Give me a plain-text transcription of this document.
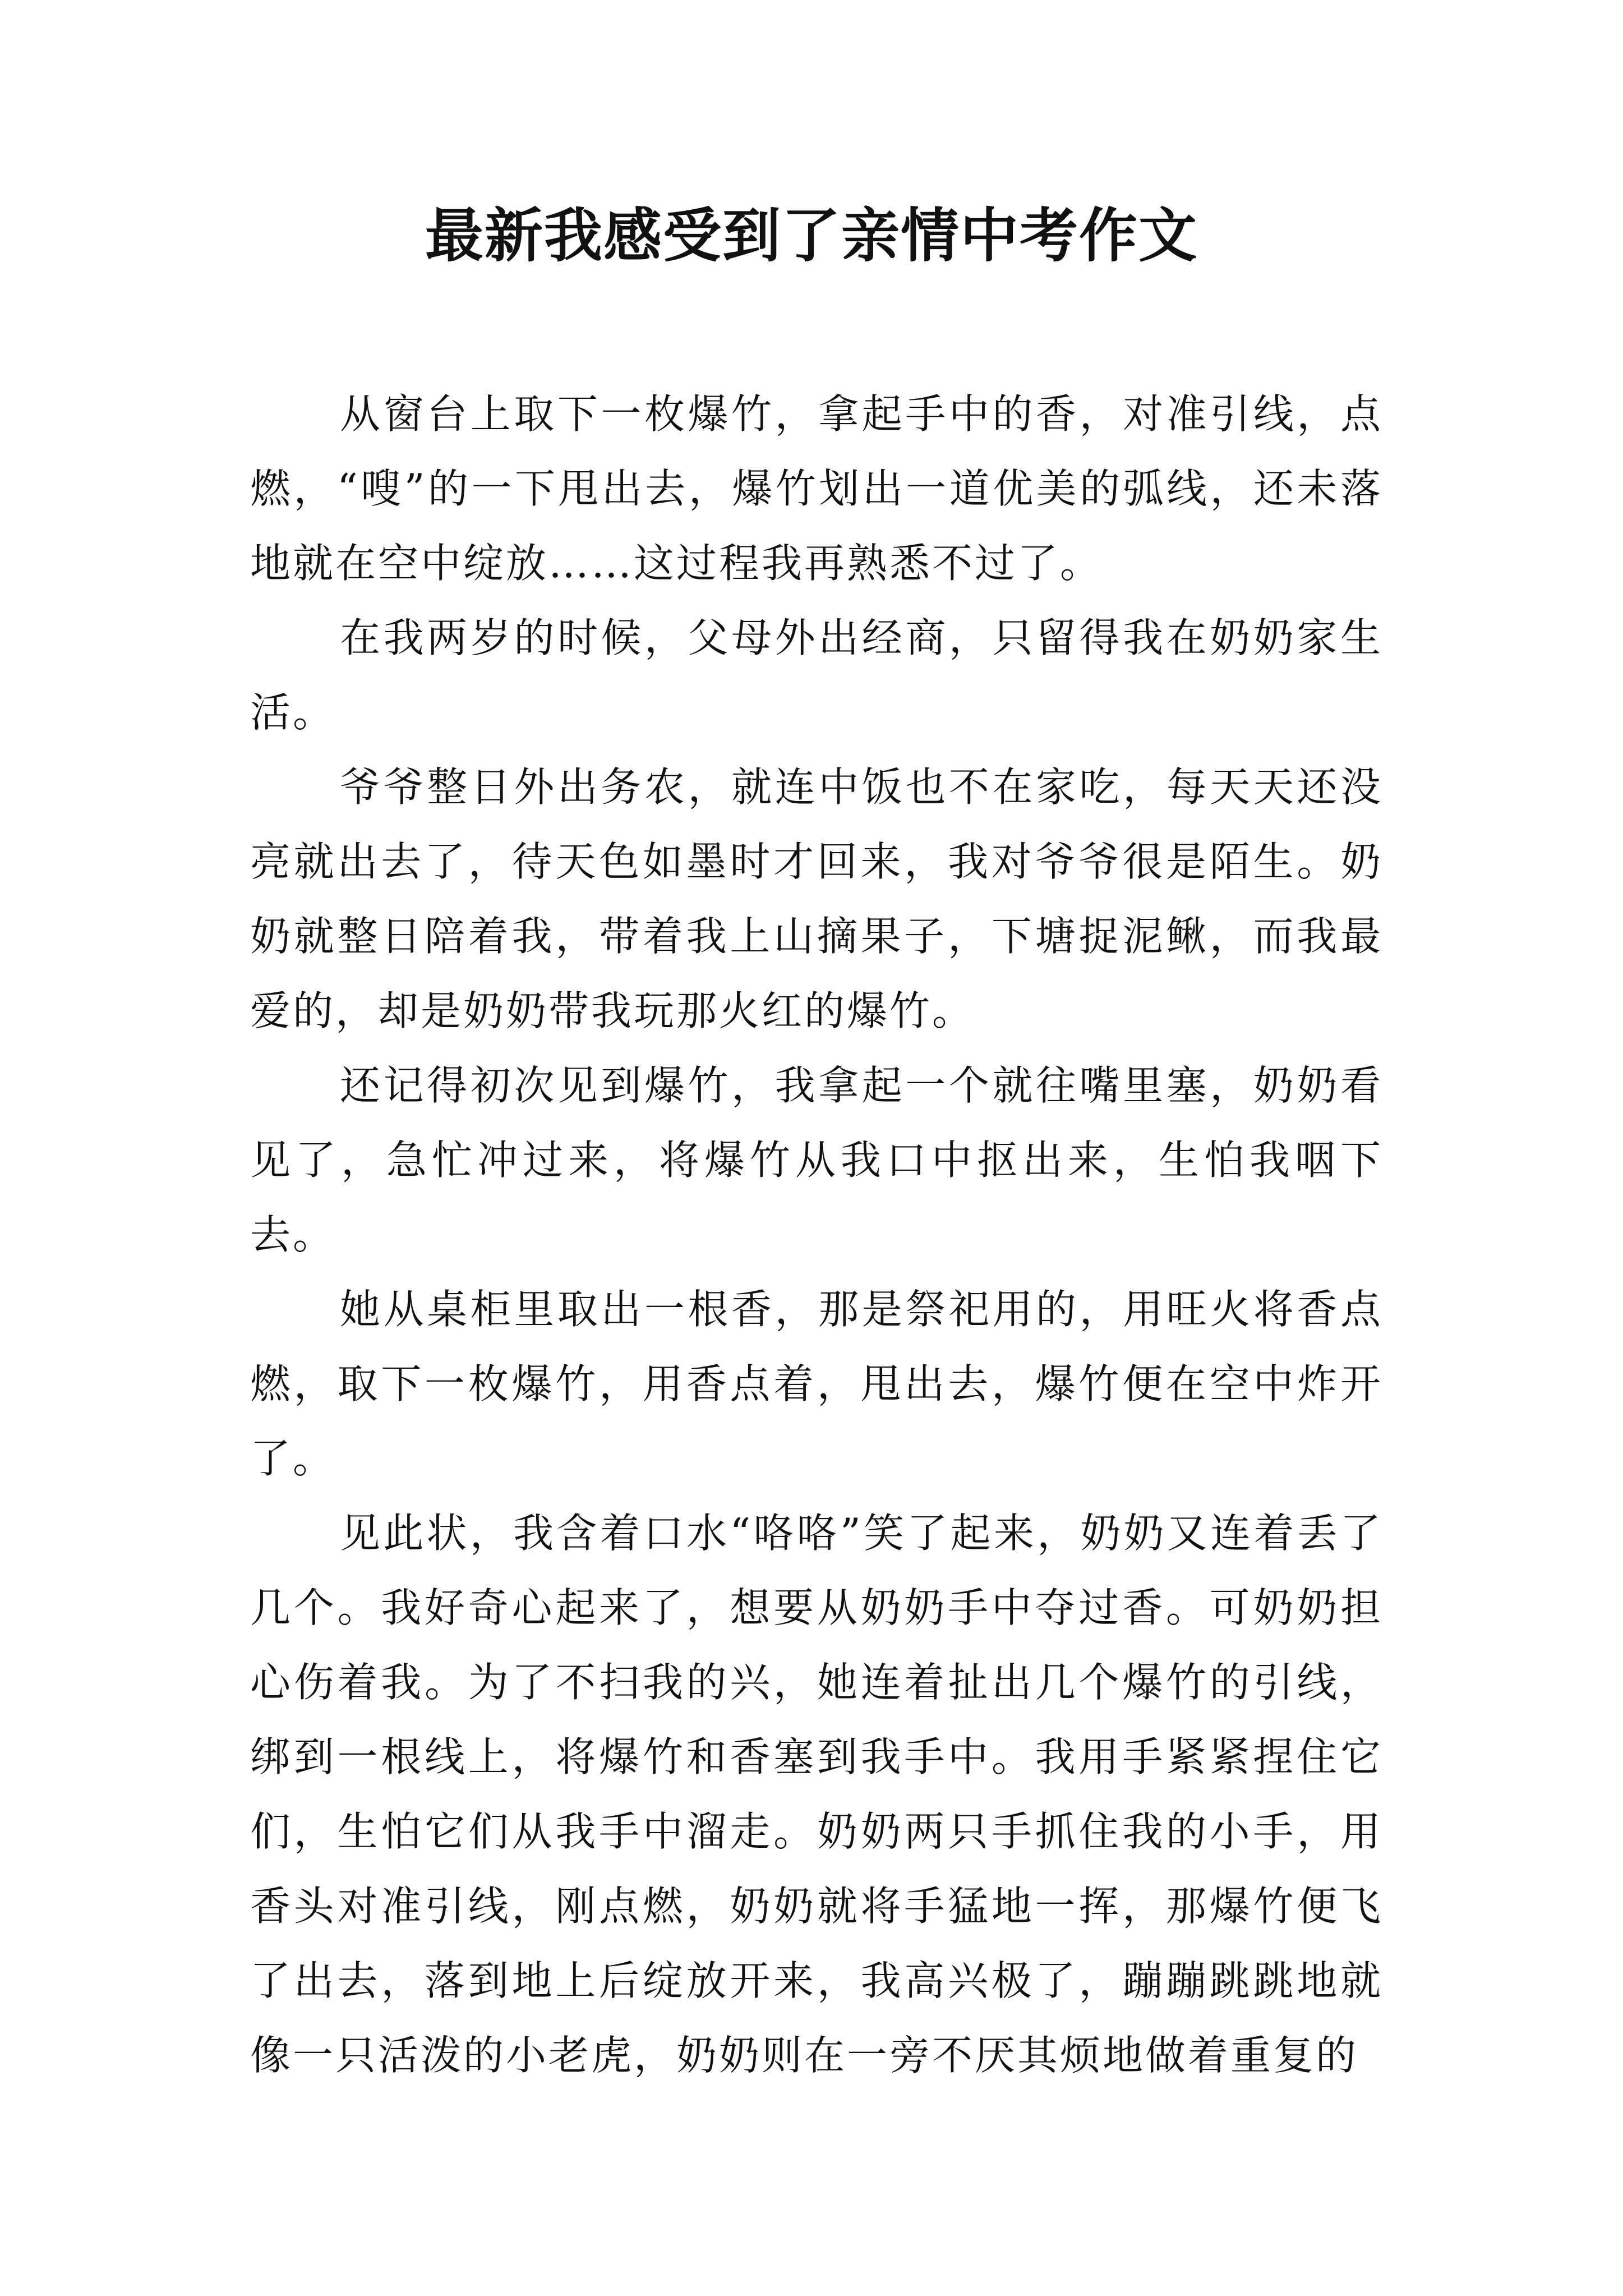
最新我感受到了亲情中考作文

从窗台上取下一枚爆竹，拿起手中的香，对准引线，点燃，“嗖”的一下甩出去，爆竹划出一道优美的弧线，还未落地就在空中绽放……这过程我再熟悉不过了。

在我两岁的时候，父母外出经商，只留得我在奶奶家生活。

爷爷整日外出务农，就连中饭也不在家吃，每天天还没亮就出去了，待天色如墨时才回来，我对爷爷很是陌生。奶奶就整日陪着我，带着我上山摘果子，下塘捉泥鳅，而我最爱的，却是奶奶带我玩那火红的爆竹。

还记得初次见到爆竹，我拿起一个就往嘴里塞，奶奶看见了，急忙冲过来，将爆竹从我口中抠出来，生怕我咽下去。

她从桌柜里取出一根香，那是祭祀用的，用旺火将香点燃，取下一枚爆竹，用香点着，甩出去，爆竹便在空中炸开了。

见此状，我含着口水“咯咯”笑了起来，奶奶又连着丢了几个。我好奇心起来了，想要从奶奶手中夺过香。可奶奶担心伤着我。为了不扫我的兴，她连着扯出几个爆竹的引线，绑到一根线上，将爆竹和香塞到我手中。我用手紧紧捏住它们，生怕它们从我手中溜走。奶奶两只手抓住我的小手，用香头对准引线，刚点燃，奶奶就将手猛地一挥，那爆竹便飞了出去，落到地上后绽放开来，我高兴极了，蹦蹦跳跳地就像一只活泼的小老虎，奶奶则在一旁不厌其烦地做着重复的
